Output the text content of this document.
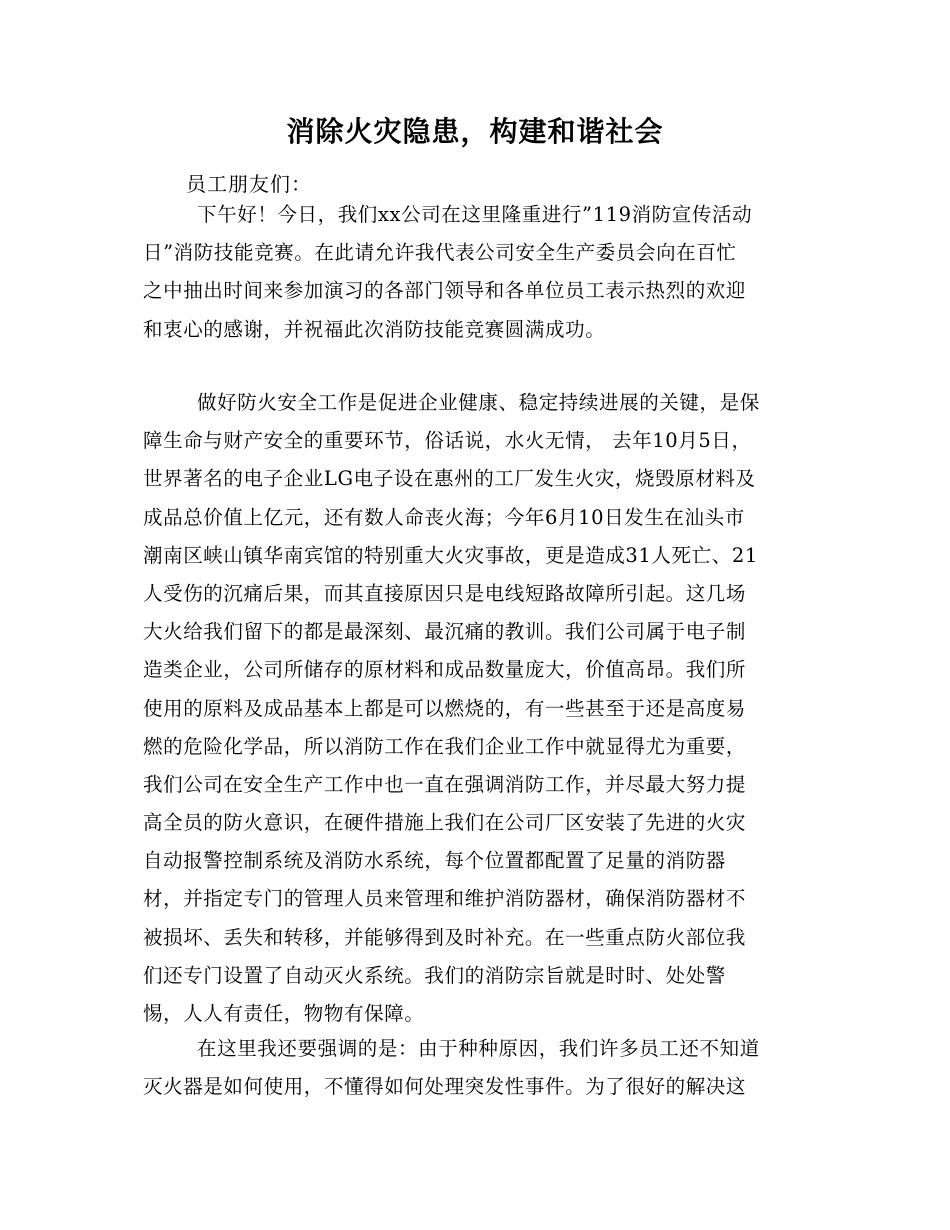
消除火灾隐患，构建和谐社会
员工朋友们：
下午好！今日，我们xx公司在这里隆重进行”119消防宣传活动
日”消防技能竞赛。在此请允许我代表公司安全生产委员会向在百忙
之中抽出时间来参加演习的各部门领导和各单位员工表示热烈的欢迎
和衷心的感谢，并祝福此次消防技能竞赛圆满成功。
做好防火安全工作是促进企业健康、稳定持续进展的关键，是保
障生命与财产安全的重要环节，俗话说，水火无情， 去年10月5日，
世界著名的电子企业LG电子设在惠州的工厂发生火灾，烧毁原材料及
成品总价值上亿元，还有数人命丧火海；今年6月10日发生在汕头市
潮南区峡山镇华南宾馆的特别重大火灾事故，更是造成31人死亡、21
人受伤的沉痛后果，而其直接原因只是电线短路故障所引起。这几场
大火给我们留下的都是最深刻、最沉痛的教训。我们公司属于电子制
造类企业，公司所储存的原材料和成品数量庞大，价值高昂。我们所
使用的原料及成品基本上都是可以燃烧的，有一些甚至于还是高度易
燃的危险化学品，所以消防工作在我们企业工作中就显得尤为重要，
我们公司在安全生产工作中也一直在强调消防工作，并尽最大努力提
高全员的防火意识，在硬件措施上我们在公司厂区安装了先进的火灾
自动报警控制系统及消防水系统，每个位置都配置了足量的消防器
材，并指定专门的管理人员来管理和维护消防器材，确保消防器材不
被损坏、丢失和转移，并能够得到及时补充。在一些重点防火部位我
们还专门设置了自动灭火系统。我们的消防宗旨就是时时、处处警
惕，人人有责任，物物有保障。
在这里我还要强调的是：由于种种原因，我们许多员工还不知道
灭火器是如何使用，不懂得如何处理突发性事件。为了很好的解决这
